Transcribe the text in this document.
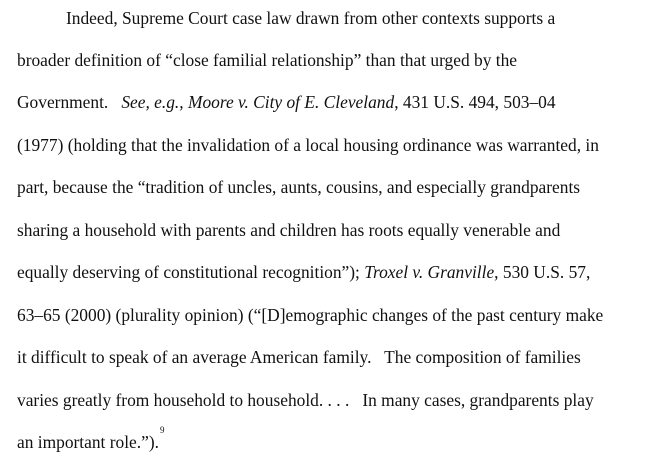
Indeed, Supreme Court case law drawn from other contexts supports a
broader definition of “close familial relationship” than that urged by the
Government.   See, e.g., Moore v. City of E. Cleveland, 431 U.S. 494, 503–04
(1977) (holding that the invalidation of a local housing ordinance was warranted, in
part, because the “tradition of uncles, aunts, cousins, and especially grandparents
sharing a household with parents and children has roots equally venerable and
equally deserving of constitutional recognition”); Troxel v. Granville, 530 U.S. 57,
63–65 (2000) (plurality opinion) (“[D]emographic changes of the past century make
it difficult to speak of an average American family.   The composition of families
varies greatly from household to household. . . .   In many cases, grandparents play
an important role.”).$^9$
